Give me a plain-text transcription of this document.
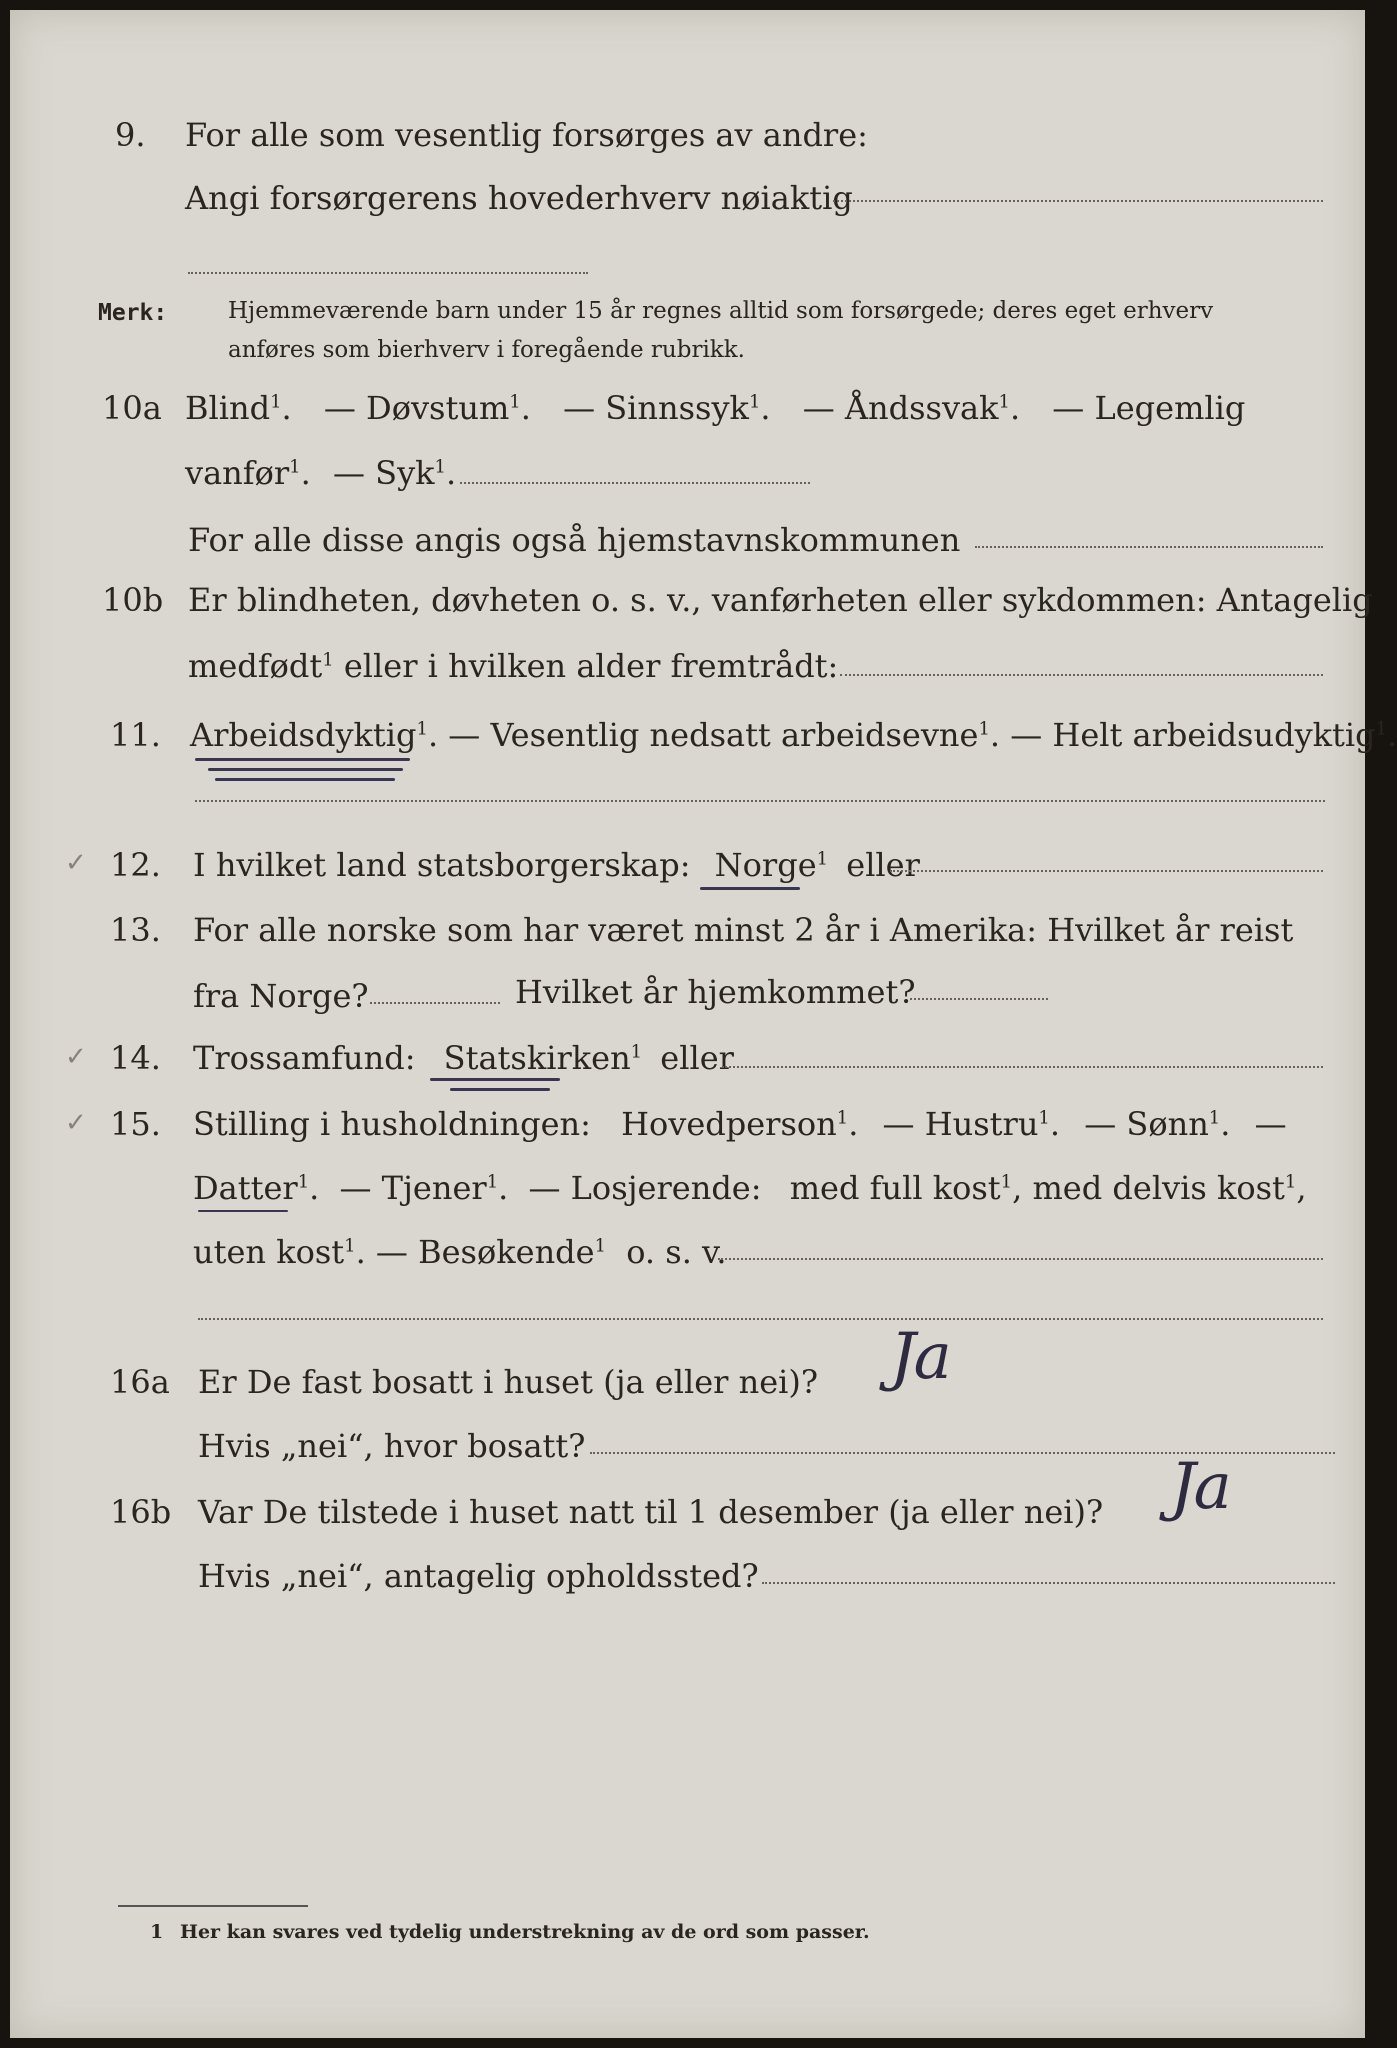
9. For alle som vesentlig forsørges av andre:
Angi forsørgerens hovederhverv nøiaktig
Merk:	Hjemmeværende barn under 15 år regnes alltid som forsørgede; deres eget erhverv
anføres som bierhverv i foregående rubrikk.
10a Blind$^1$. — Døvstum$^1$. — Sinnssyk$^1$. — Åndssvak$^1$. — Legemlig
vanfør$^1$. — Syk$^1$.
For alle disse angis også hjemstavnskommunen
10b Er blindheten, døvheten o. s. v., vanførheten eller sykdommen: Antagelig
medfødt$^1$ eller i hvilken alder fremtrådt:
11. Arbeidsdyktig$^1$. — Vesentlig nedsatt arbeidsevne$^1$. — Helt arbeidsudyktig$^1$.
✓ 12. I hvilket land statsborgerskap: Norge$^1$ eller
13. For alle norske som har været minst 2 år i Amerika: Hvilket år reist
fra Norge?	Hvilket år hjemkommet?
✓ 14. Trossamfund: Statskirken$^1$ eller
✓ 15. Stilling i husholdningen: Hovedperson$^1$. — Hustru$^1$. — Sønn$^1$. —
Datter$^1$. — Tjener$^1$. — Losjerende: med full kost$^1$, med delvis kost$^1$,
uten kost$^1$. — Besøkende$^1$ o. s. v.
16a Er De fast bosatt i huset (ja eller nei)? Ja
Hvis „nei“, hvor bosatt?
16b Var De tilstede i huset natt til 1 desember (ja eller nei)? Ja
Hvis „nei“, antagelig opholdssted?
1 Her kan svares ved tydelig understrekning av de ord som passer.
